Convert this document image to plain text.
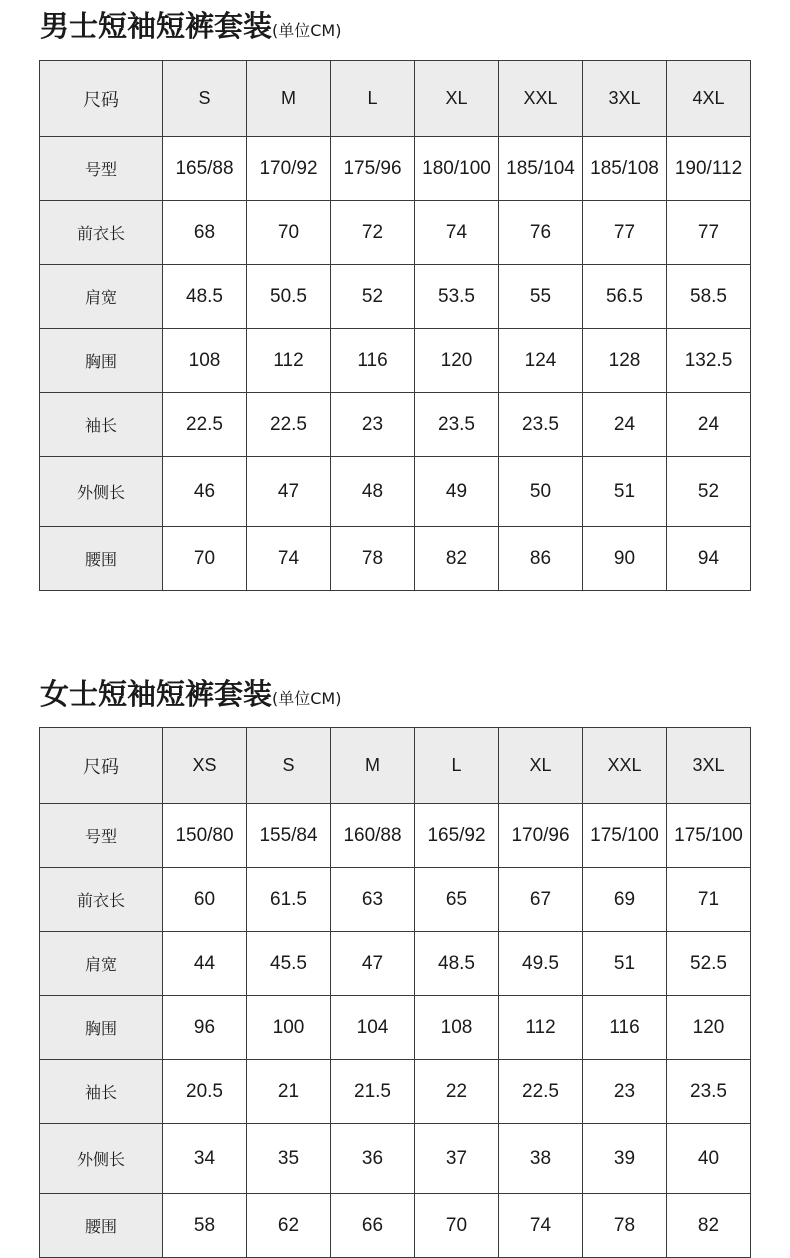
男士短袖短裤套装(单位CM)
尺码	S	M	L	XL	XXL	3XL	4XL
号型	165/88	170/92	175/96	180/100	185/104	185/108	190/112
前衣长	68	70	72	74	76	77	77
肩宽	48.5	50.5	52	53.5	55	56.5	58.5
胸围	108	112	116	120	124	128	132.5
袖长	22.5	22.5	23	23.5	23.5	24	24
外侧长	46	47	48	49	50	51	52
腰围	70	74	78	82	86	90	94
女士短袖短裤套装(单位CM)
尺码	XS	S	M	L	XL	XXL	3XL
号型	150/80	155/84	160/88	165/92	170/96	175/100	175/100
前衣长	60	61.5	63	65	67	69	71
肩宽	44	45.5	47	48.5	49.5	51	52.5
胸围	96	100	104	108	112	116	120
袖长	20.5	21	21.5	22	22.5	23	23.5
外侧长	34	35	36	37	38	39	40
腰围	58	62	66	70	74	78	82
